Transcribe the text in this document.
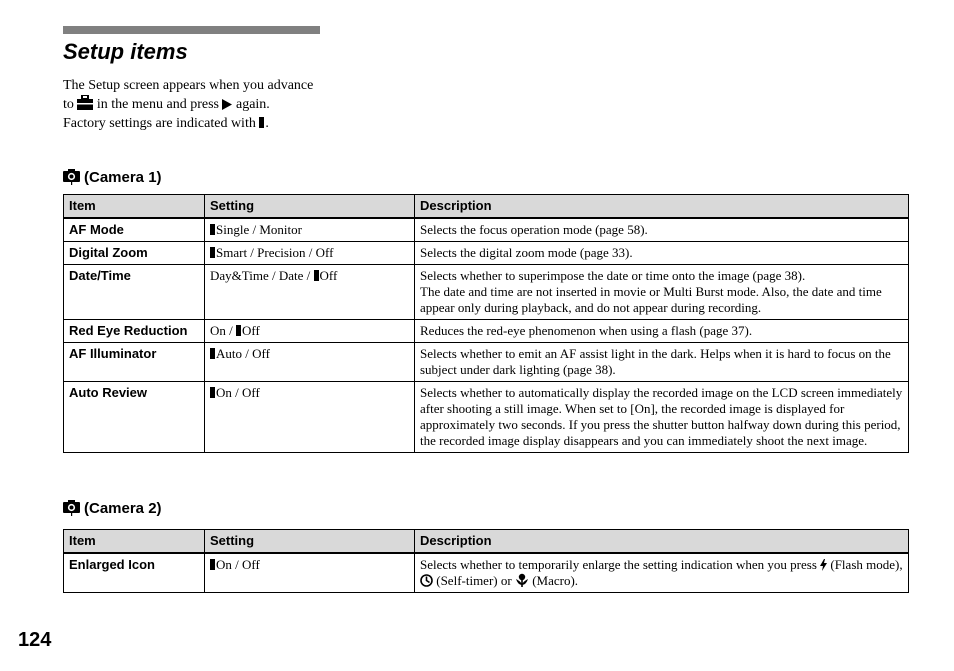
Setup items

The Setup screen appears when you advance to in the menu and press again.

Factory settings are indicated with .

(Camera 1)
Item	Setting	Description
AF Mode	Single / Monitor	Selects the focus operation mode (page 58).

Digital Zoom	Smart / Precision / Off	Selects the digital zoom mode (page 33).

Date/Time	Day&Time / Date / Off	Selects whether to superimpose the date or time onto the image (page 38).
The date and time are not inserted in movie or Multi Burst mode. Also, the date and time appear only during playback, and do not appear during recording.

Red Eye Reduction	On / Off	Reduces the red-eye phenomenon when using a flash (page 37).

AF Illuminator	Auto / Off	Selects whether to emit an AF assist light in the dark. Helps when it is hard to focus on the subject under dark lighting (page 38).

Auto Review	On / Off	Selects whether to automatically display the recorded image on the LCD screen immediately after shooting a still image. When set to [On], the recorded image is displayed for approximately two seconds. If you press the shutter button halfway down during this period, the recorded image display disappears and you can immediately shoot the next image.
(Camera 2)
Item	Setting	Description
Enlarged Icon	On / Off	Selects whether to temporarily enlarge the setting indication when you press (Flash mode),  (Self-timer) or (Macro).
124
